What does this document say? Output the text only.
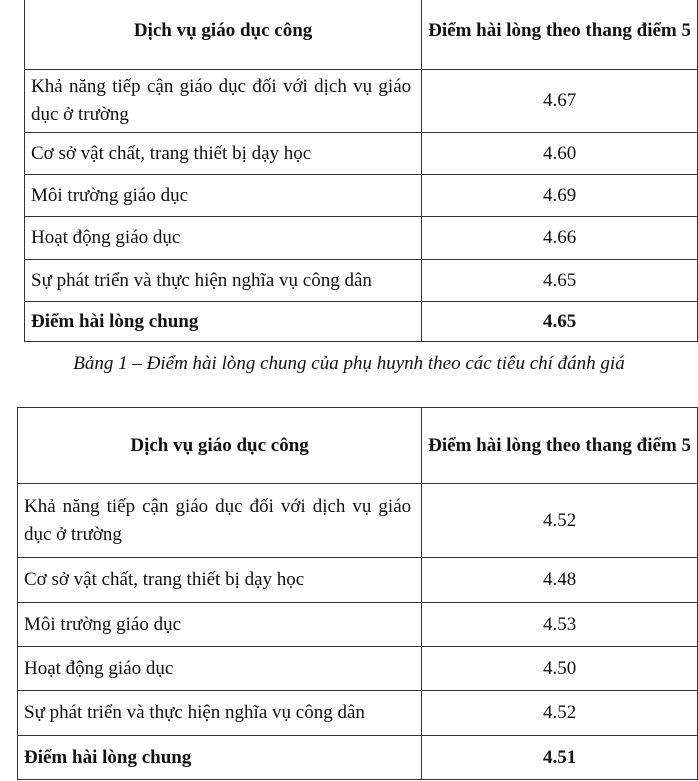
Dịch vụ giáo dục công	Điểm hài lòng theo thang điểm 5
Khả năng tiếp cận giáo dục đối với dịch vụ giáo dục ở trường	4.67
Cơ sở vật chất, trang thiết bị dạy học	4.60
Môi trường giáo dục	4.69
Hoạt động giáo dục	4.66
Sự phát triển và thực hiện nghĩa vụ công dân	4.65
Điểm hài lòng chung	4.65
Bảng 1 – Điểm hài lòng chung của phụ huynh theo các tiêu chí đánh giá
Dịch vụ giáo dục công	Điểm hài lòng theo thang điểm 5
Khả năng tiếp cận giáo dục đối với dịch vụ giáo dục ở trường	4.52
Cơ sở vật chất, trang thiết bị dạy học	4.48
Môi trường giáo dục	4.53
Hoạt động giáo dục	4.50
Sự phát triển và thực hiện nghĩa vụ công dân	4.52
Điểm hài lòng chung	4.51
